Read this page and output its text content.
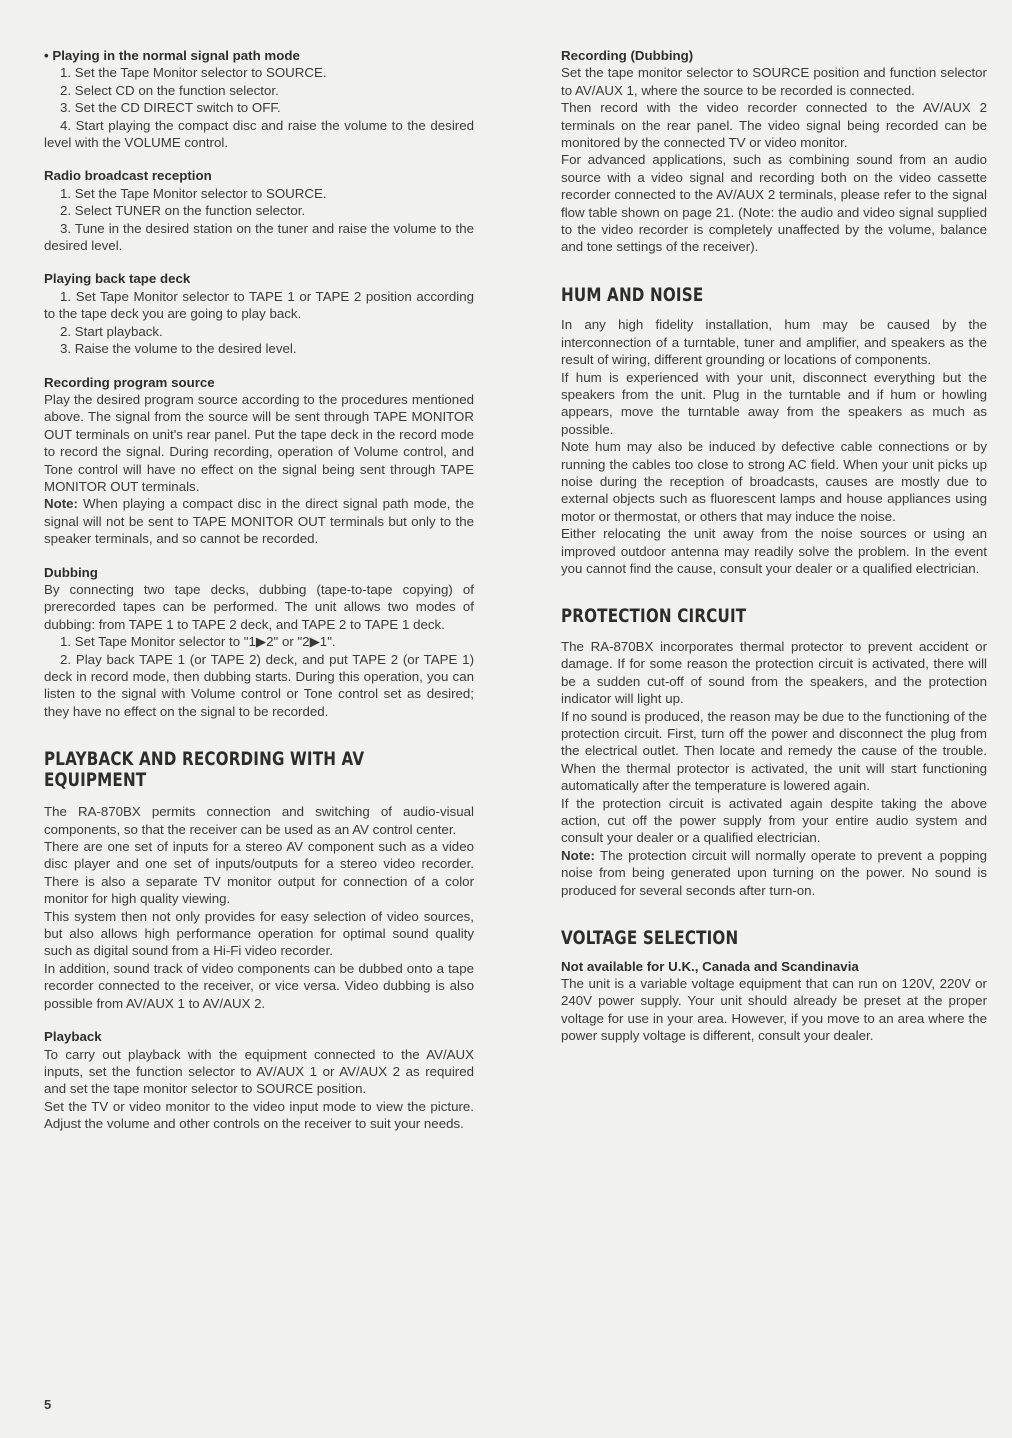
• Playing in the normal signal path mode

1. Set the Tape Monitor selector to SOURCE.

2. Select CD on the function selector.

3. Set the CD DIRECT switch to OFF.

4. Start playing the compact disc and raise the volume to the desired level with the VOLUME control.

Radio broadcast reception

1. Set the Tape Monitor selector to SOURCE.

2. Select TUNER on the function selector.

3. Tune in the desired station on the tuner and raise the volume to the desired level.

Playing back tape deck

1. Set Tape Monitor selector to TAPE 1 or TAPE 2 position according to the tape deck you are going to play back.

2. Start playback.

3. Raise the volume to the desired level.

Recording program source

Play the desired program source according to the procedures mentioned above. The signal from the source will be sent through TAPE MONITOR OUT terminals on unit's rear panel. Put the tape deck in the record mode to record the signal. During recording, operation of Volume control, and Tone control will have no effect on the signal being sent through TAPE MONITOR OUT terminals.

Note: When playing a compact disc in the direct signal path mode, the signal will not be sent to TAPE MONITOR OUT terminals but only to the speaker terminals, and so cannot be recorded.

Dubbing

By connecting two tape decks, dubbing (tape-to-tape copying) of prerecorded tapes can be performed. The unit allows two modes of dubbing: from TAPE 1 to TAPE 2 deck, and TAPE 2 to TAPE 1 deck.

1. Set Tape Monitor selector to "1▶2" or "2▶1".

2. Play back TAPE 1 (or TAPE 2) deck, and put TAPE 2 (or TAPE 1) deck in record mode, then dubbing starts. During this operation, you can listen to the signal with Volume control or Tone control set as desired; they have no effect on the signal to be recorded.

PLAYBACK AND RECORDING WITH AV EQUIPMENT

The RA-870BX permits connection and switching of audio-visual components, so that the receiver can be used as an AV control center.

There are one set of inputs for a stereo AV component such as a video disc player and one set of inputs/outputs for a stereo video recorder. There is also a separate TV monitor output for connection of a color monitor for high quality viewing.

This system then not only provides for easy selection of video sources, but also allows high performance operation for optimal sound quality such as digital sound from a Hi-Fi video recorder.

In addition, sound track of video components can be dubbed onto a tape recorder connected to the receiver, or vice versa. Video dubbing is also possible from AV/AUX 1 to AV/AUX 2.

Playback

To carry out playback with the equipment connected to the AV/AUX inputs, set the function selector to AV/AUX 1 or AV/AUX 2 as required and set the tape monitor selector to SOURCE position.

Set the TV or video monitor to the video input mode to view the picture. Adjust the volume and other controls on the receiver to suit your needs.

Recording (Dubbing)

Set the tape monitor selector to SOURCE position and function selector to AV/AUX 1, where the source to be recorded is connected.

Then record with the video recorder connected to the AV/AUX 2 terminals on the rear panel. The video signal being recorded can be monitored by the connected TV or video monitor.

For advanced applications, such as combining sound from an audio source with a video signal and recording both on the video cassette recorder connected to the AV/AUX 2 terminals, please refer to the signal flow table shown on page 21. (Note: the audio and video signal supplied to the video recorder is completely unaffected by the volume, balance and tone settings of the receiver).

HUM AND NOISE

In any high fidelity installation, hum may be caused by the interconnection of a turntable, tuner and amplifier, and speakers as the result of wiring, different grounding or locations of components.

If hum is experienced with your unit, disconnect everything but the speakers from the unit. Plug in the turntable and if hum or howling appears, move the turntable away from the speakers as much as possible.

Note hum may also be induced by defective cable connections or by running the cables too close to strong AC field. When your unit picks up noise during the reception of broadcasts, causes are mostly due to external objects such as fluorescent lamps and house appliances using motor or thermostat, or others that may induce the noise.

Either relocating the unit away from the noise sources or using an improved outdoor antenna may readily solve the problem. In the event you cannot find the cause, consult your dealer or a qualified electrician.

PROTECTION CIRCUIT

The RA-870BX incorporates thermal protector to prevent accident or damage. If for some reason the protection circuit is activated, there will be a sudden cut-off of sound from the speakers, and the protection indicator will light up.

If no sound is produced, the reason may be due to the functioning of the protection circuit. First, turn off the power and disconnect the plug from the electrical outlet. Then locate and remedy the cause of the trouble. When the thermal protector is activated, the unit will start functioning automatically after the temperature is lowered again.

If the protection circuit is activated again despite taking the above action, cut off the power supply from your entire audio system and consult your dealer or a qualified electrician.

Note: The protection circuit will normally operate to prevent a popping noise from being generated upon turning on the power. No sound is produced for several seconds after turn-on.

VOLTAGE SELECTION

Not available for U.K., Canada and Scandinavia

The unit is a variable voltage equipment that can run on 120V, 220V or 240V power supply. Your unit should already be preset at the proper voltage for use in your area. However, if you move to an area where the power supply voltage is different, consult your dealer.

5
